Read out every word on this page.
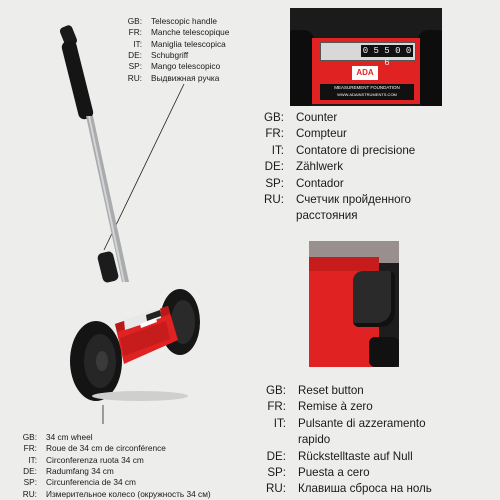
0 5 5 0 0 6
ADA
MEASUREMENT FOUNDATION
WWW.ADAINSTRUMENTS.COM
GB: Telescopic handle
FR: Manche telescopique
IT: Maniglia telescopica
DE: Schubgriff
SP: Mango telescopico
RU: Выдвижная ручка
GB: Counter
FR: Compteur
IT: Contatore di precisione
DE: Zählwerk
SP: Contador
RU: Счетчик пройденного
расстояния
GB: Reset button
FR: Remise à zero
IT: Pulsante di azzeramento
rapido
DE: Rückstelltaste auf Null
SP: Puesta a cero
RU: Клавиша сброса на ноль
GB: 34 cm wheel
FR: Roue de 34 cm de circonférence
IT: Circonferenza ruota 34 cm
DE: Radumfang 34 cm
SP: Circunferencia de 34 cm
RU: Измерительное колесо (окружность 34 см)
